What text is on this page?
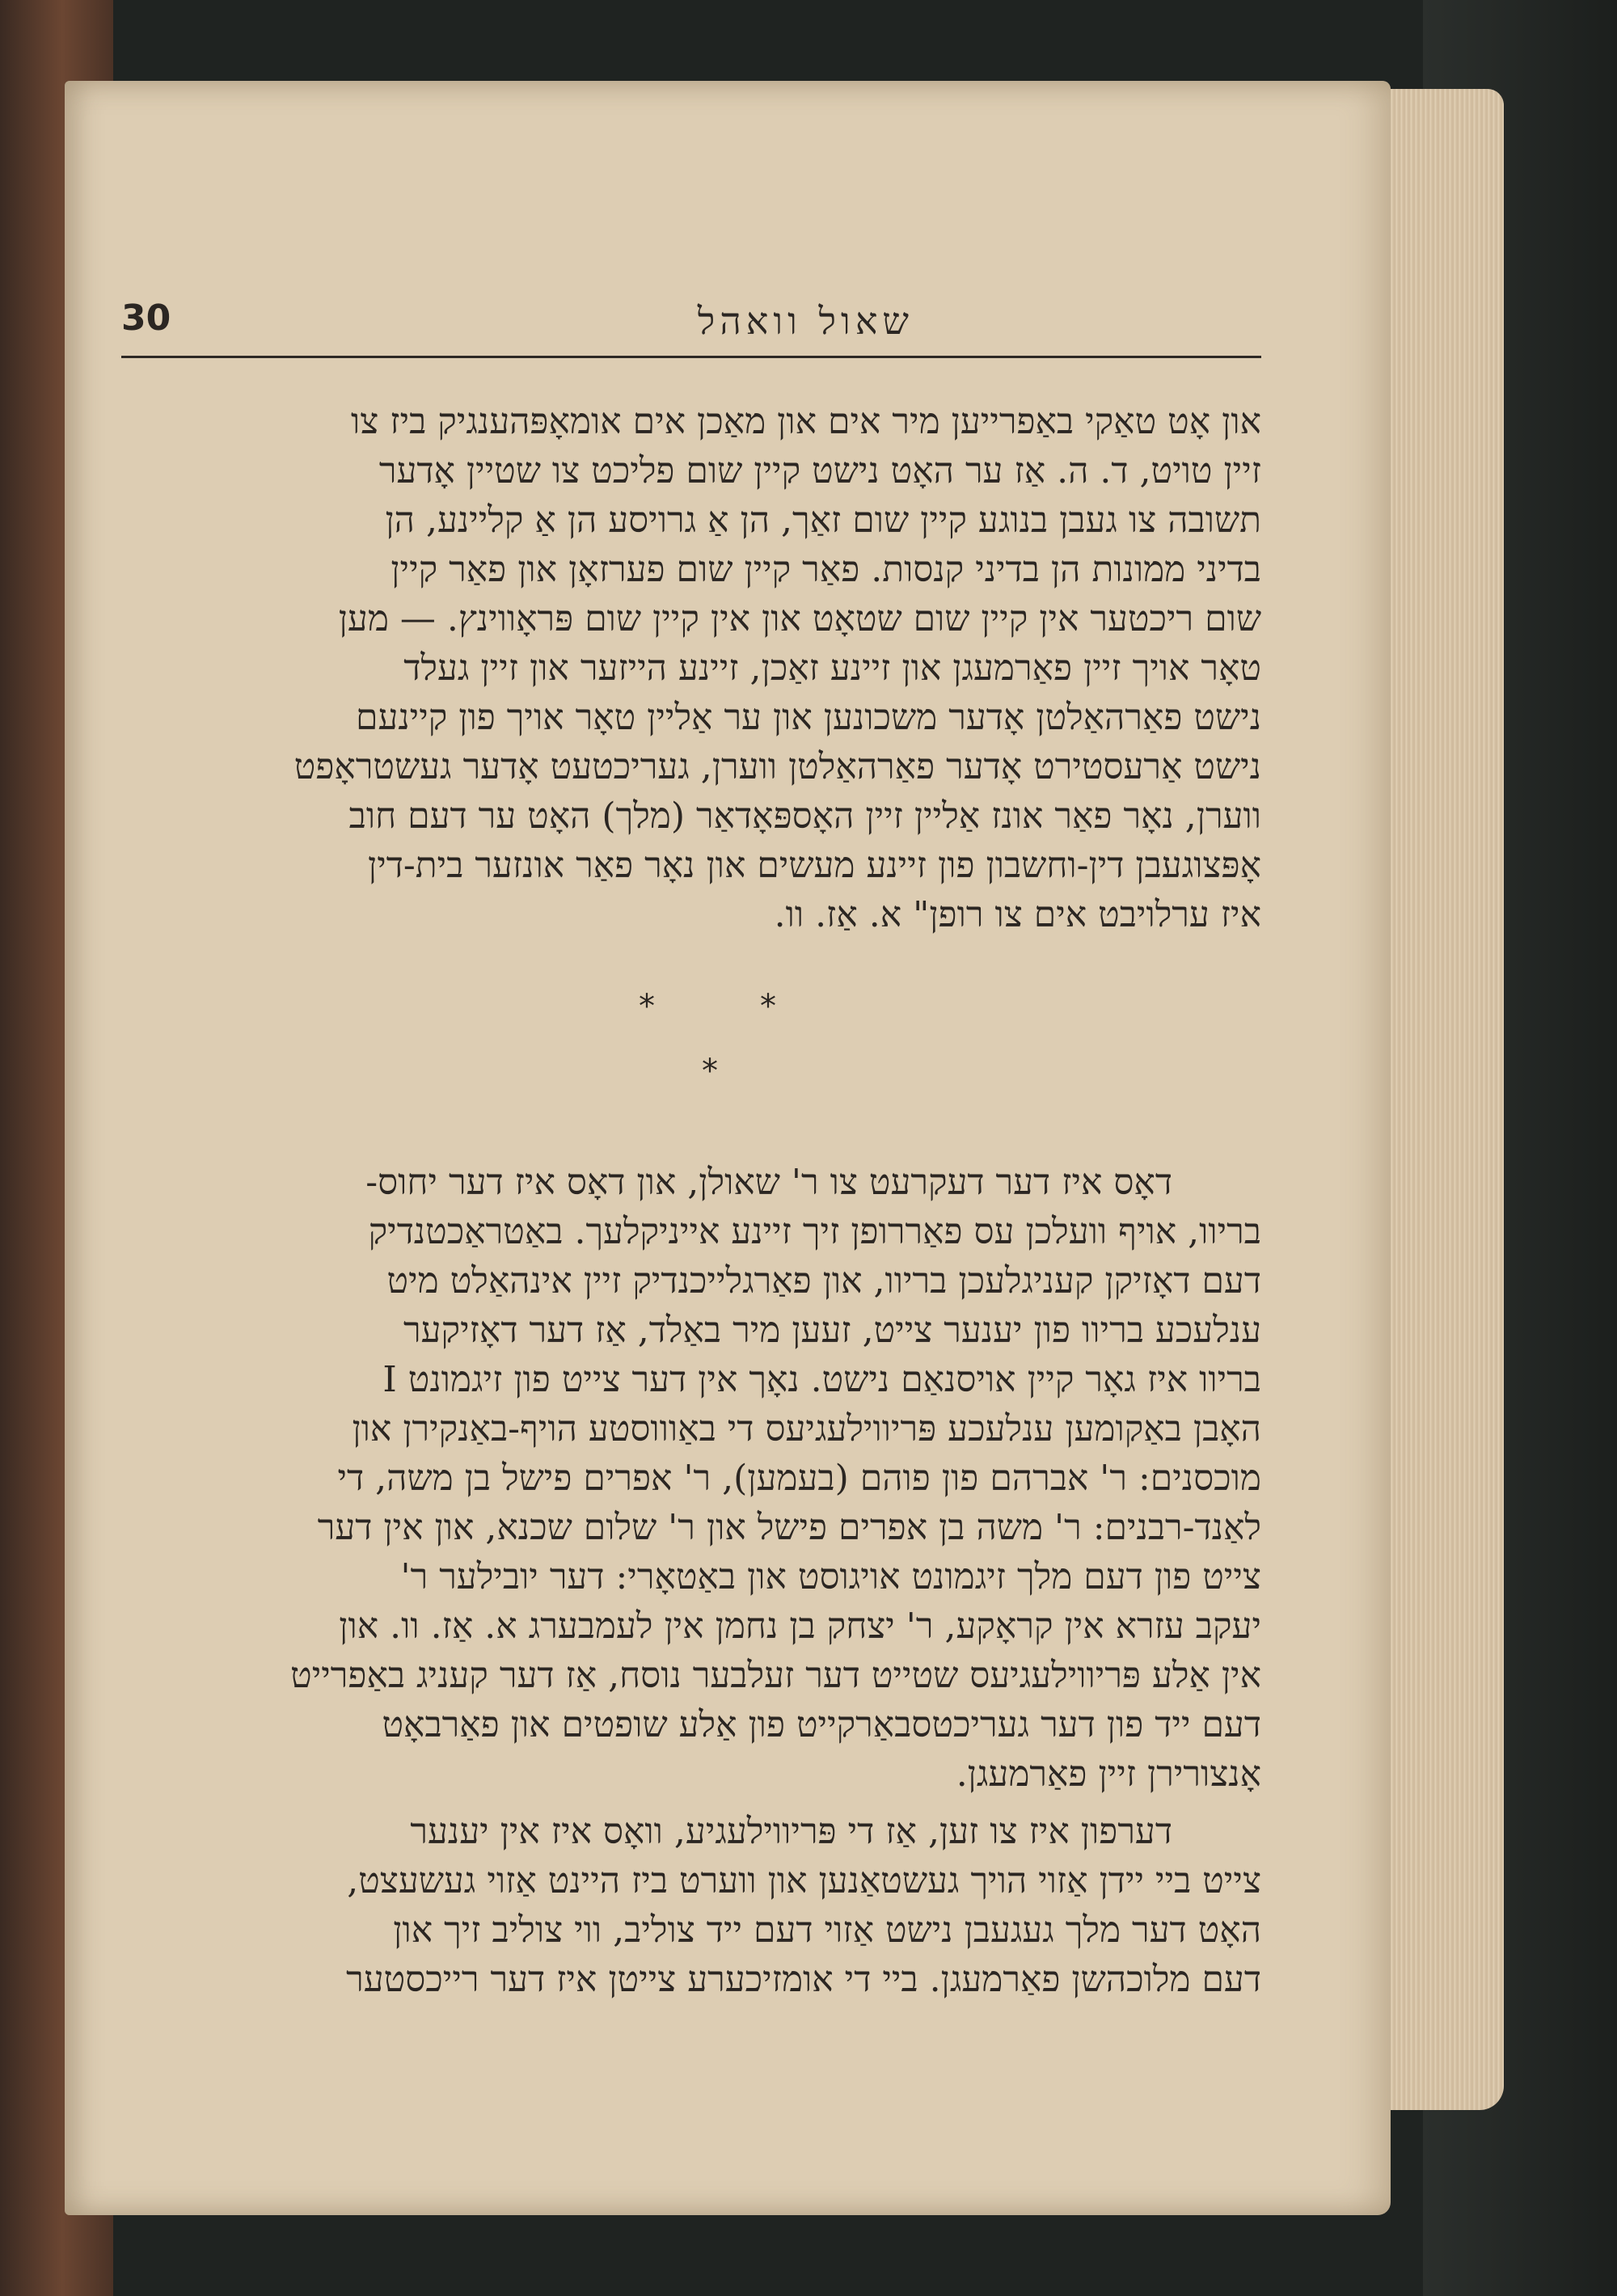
שאול וואהל
30

און אָט טאַקי באַפרייען מיר אים און מאַכן אים אומאָפּהענגיק ביז צו
זיין טויט, ד. ה. אַז ער האָט נישט קיין שום פליכט צו שטיין אָדער
תשובה צו געבן בנוגע קיין שום זאַך, הן אַ גרויסע הן אַ קליינע, הן
בדיני ממונות הן בדיני קנסות. פאַר קיין שום פערזאָן און פאַר קיין
שום ריכטער אין קיין שום שטאָט און אין קיין שום פּראָווינץ. — מען
טאָר אויך זיין פאַרמעגן און זיינע זאַכן, זיינע הייזער און זיין געלד
נישט פאַרהאַלטן אָדער משכונען און ער אַליין טאָר אויך פון קיינעם
נישט אַרעסטירט אָדער פאַרהאַלטן ווערן, געריכטעט אָדער געשטראָפט
ווערן, נאָר פאַר אונז אַליין זיין האָספּאָדאַר (מלך) האָט ער דעם חוב
אָפּצוגעבן דין-וחשבון פון זיינע מעשים און נאָר פאַר אונזער בית-דין
איז ערלויבט אים צו רופן" א. אַז. וו.

*	*
*

דאָס איז דער דעקרעט צו ר' שאולן, און דאָס איז דער יחוס-
בריוו, אויף וועלכן עס פאַררופן זיך זיינע אייניקלעך. באַטראַכטנדיק
דעם דאָזיקן קעניגלעכן בריוו, און פאַרגלייכנדיק זיין אינהאַלט מיט
ענלעכע בריוו פון יענער צייט, זעען מיר באַלד, אַז דער דאָזיקער
בריוו איז גאָר קיין אויסנאַם נישט. נאָך אין דער צייט פון זיגמונט I
האָבן באַקומען ענלעכע פּריווילעגיעס די באַוווסטע הויף-באַנקירן און
מוכסנים: ר' אברהם פון פוהם (בעמען), ר' אפרים פישל בן משה, די
לאַנד-רבנים: ר' משה בן אפרים פישל און ר' שלום שכנא, און אין דער
צייט פון דעם מלך זיגמונט אויגוסט און באַטאָרי: דער יובילער ר'
יעקב עזרא אין קראָקע, ר' יצחק בן נחמן אין לעמבערג א. אַז. וו. און
אין אַלע פּריווילעגיעס שטייט דער זעלבער נוסח, אַז דער קעניג באַפרייט
דעם ייד פון דער געריכטסבאַרקייט פון אַלע שופטים און פאַרבאָט
אָנצורירן זיין פאַרמעגן.

דערפון איז צו זען, אַז די פּריווילעגיע, וואָס איז אין יענער
צייט ביי יידן אַזוי הויך געשטאַנען און ווערט ביז היינט אַזוי געשעצט,
האָט דער מלך געגעבן נישט אַזוי דעם ייד צוליב, ווי צוליב זיך און
דעם מלוכהשן פאַרמעגן. ביי די אומזיכערע צייטן איז דער רייכסטער
